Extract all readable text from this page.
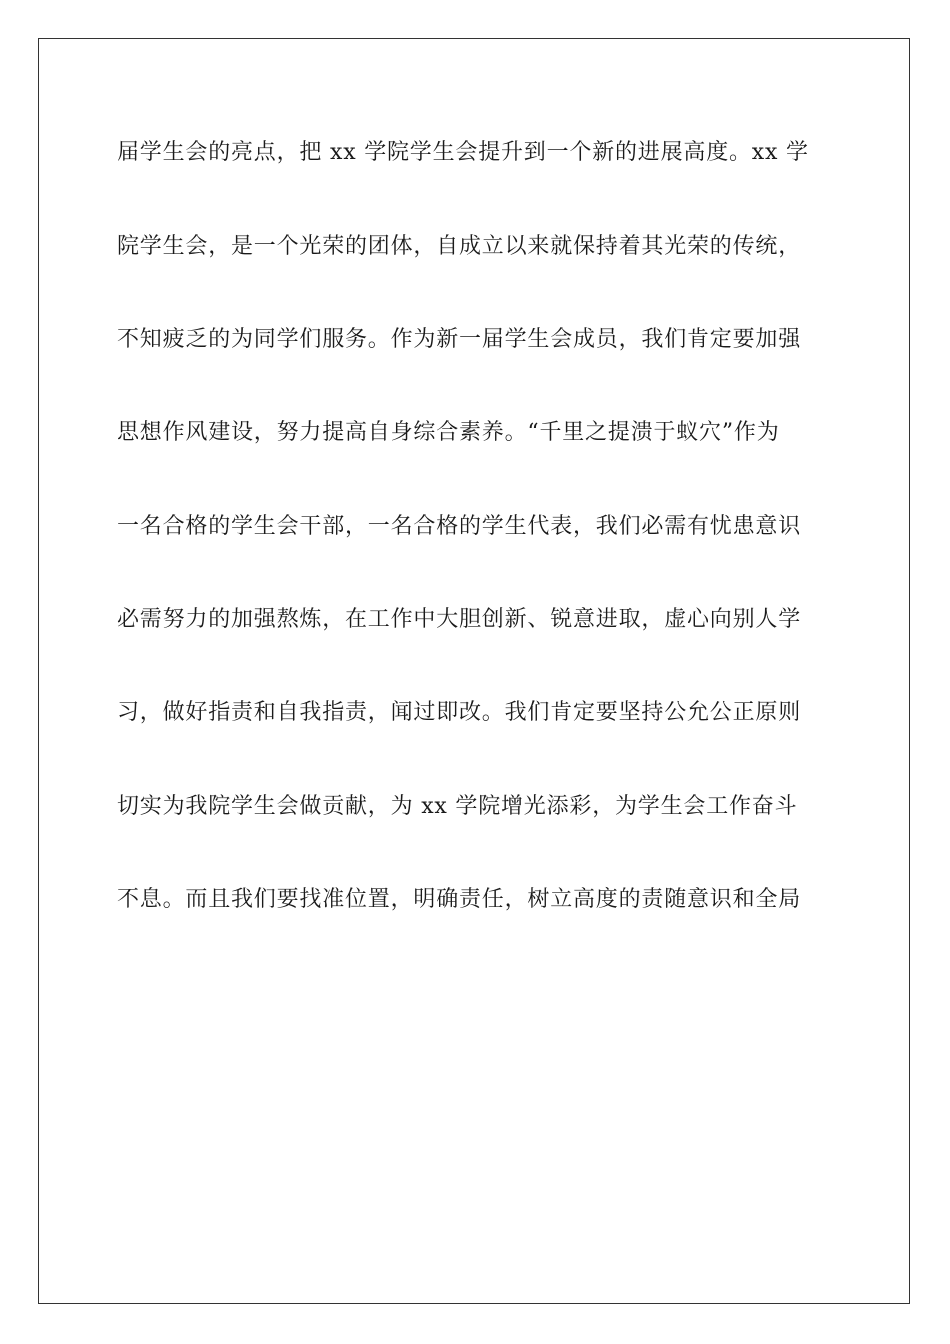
届学生会的亮点，把 xx 学院学生会提升到一个新的进展高度。xx 学
院学生会，是一个光荣的团体，自成立以来就保持着其光荣的传统，
不知疲乏的为同学们服务。作为新一届学生会成员，我们肯定要加强
思想作风建设，努力提高自身综合素养。“千里之提溃于蚁穴”作为
一名合格的学生会干部，一名合格的学生代表，我们必需有忧患意识
必需努力的加强熬炼，在工作中大胆创新、锐意进取，虚心向别人学
习，做好指责和自我指责，闻过即改。我们肯定要坚持公允公正原则
切实为我院学生会做贡献，为 xx 学院增光添彩，为学生会工作奋斗
不息。而且我们要找准位置，明确责任，树立高度的责随意识和全局
